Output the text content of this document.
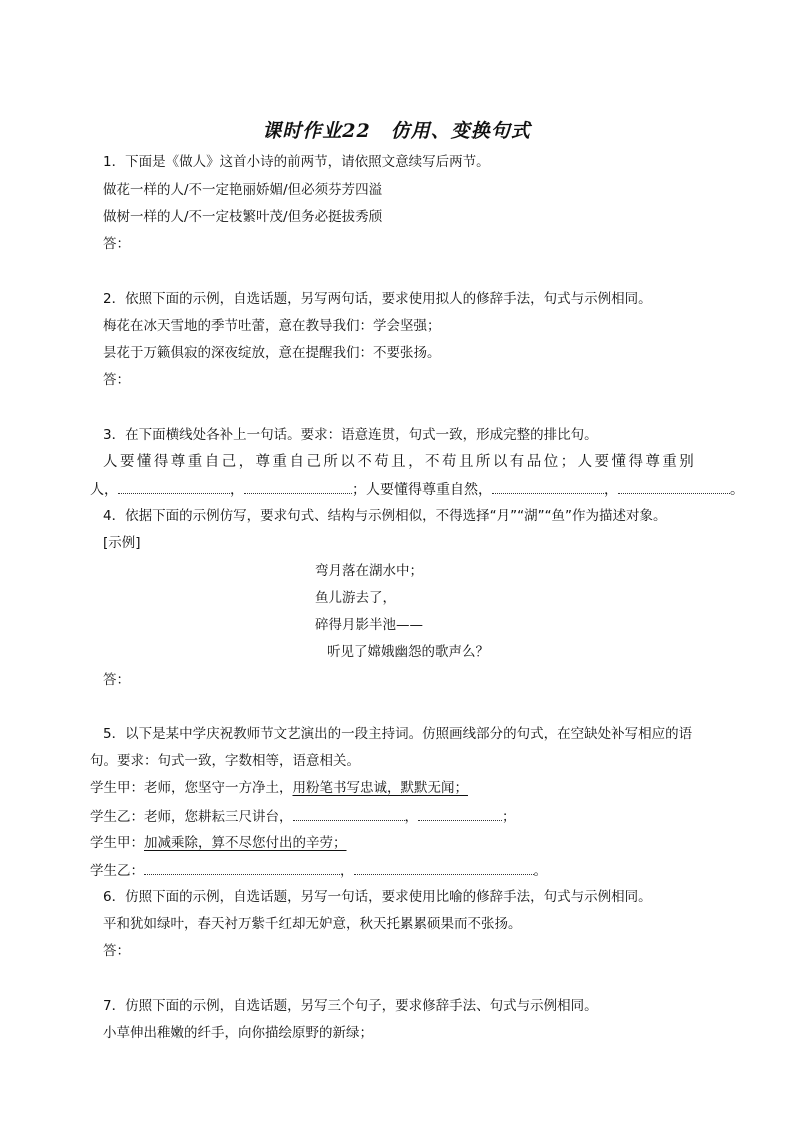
课时作业22　仿用、变换句式
1．下面是《做人》这首小诗的前两节，请依照文意续写后两节。
做花一样的人/不一定艳丽娇媚/但必须芬芳四溢
做树一样的人/不一定枝繁叶茂/但务必挺拔秀颀
答：
2．依照下面的示例，自选话题，另写两句话，要求使用拟人的修辞手法，句式与示例相同。
梅花在冰天雪地的季节吐蕾，意在教导我们：学会坚强；
昙花于万籁俱寂的深夜绽放，意在提醒我们：不要张扬。
答：
3．在下面横线处各补上一句话。要求：语意连贯，句式一致，形成完整的排比句。
人要懂得尊重自己，尊重自己所以不苟且，不苟且所以有品位；人要懂得尊重别
人，	，	；人要懂得尊重自然，	，	。
4．依据下面的示例仿写，要求句式、结构与示例相似，不得选择“月”“湖”“鱼”作为描述对象。
[示例]
弯月落在湖水中；
鱼儿游去了，
碎得月影半池——
听见了嫦娥幽怨的歌声么？
答：
5．以下是某中学庆祝教师节文艺演出的一段主持词。仿照画线部分的句式，在空缺处补写相应的语
句。要求：句式一致，字数相等，语意相关。
学生甲：老师，您坚守一方净土，用粉笔书写忠诚，默默无闻；
学生乙：老师，您耕耘三尺讲台，	，	；
学生甲：加减乘除，算不尽您付出的辛劳；
学生乙：	，	。
6．仿照下面的示例，自选话题，另写一句话，要求使用比喻的修辞手法，句式与示例相同。
平和犹如绿叶，春天衬万紫千红却无妒意，秋天托累累硕果而不张扬。
答：
7．仿照下面的示例，自选话题，另写三个句子，要求修辞手法、句式与示例相同。
小草伸出稚嫩的纤手，向你描绘原野的新绿；
